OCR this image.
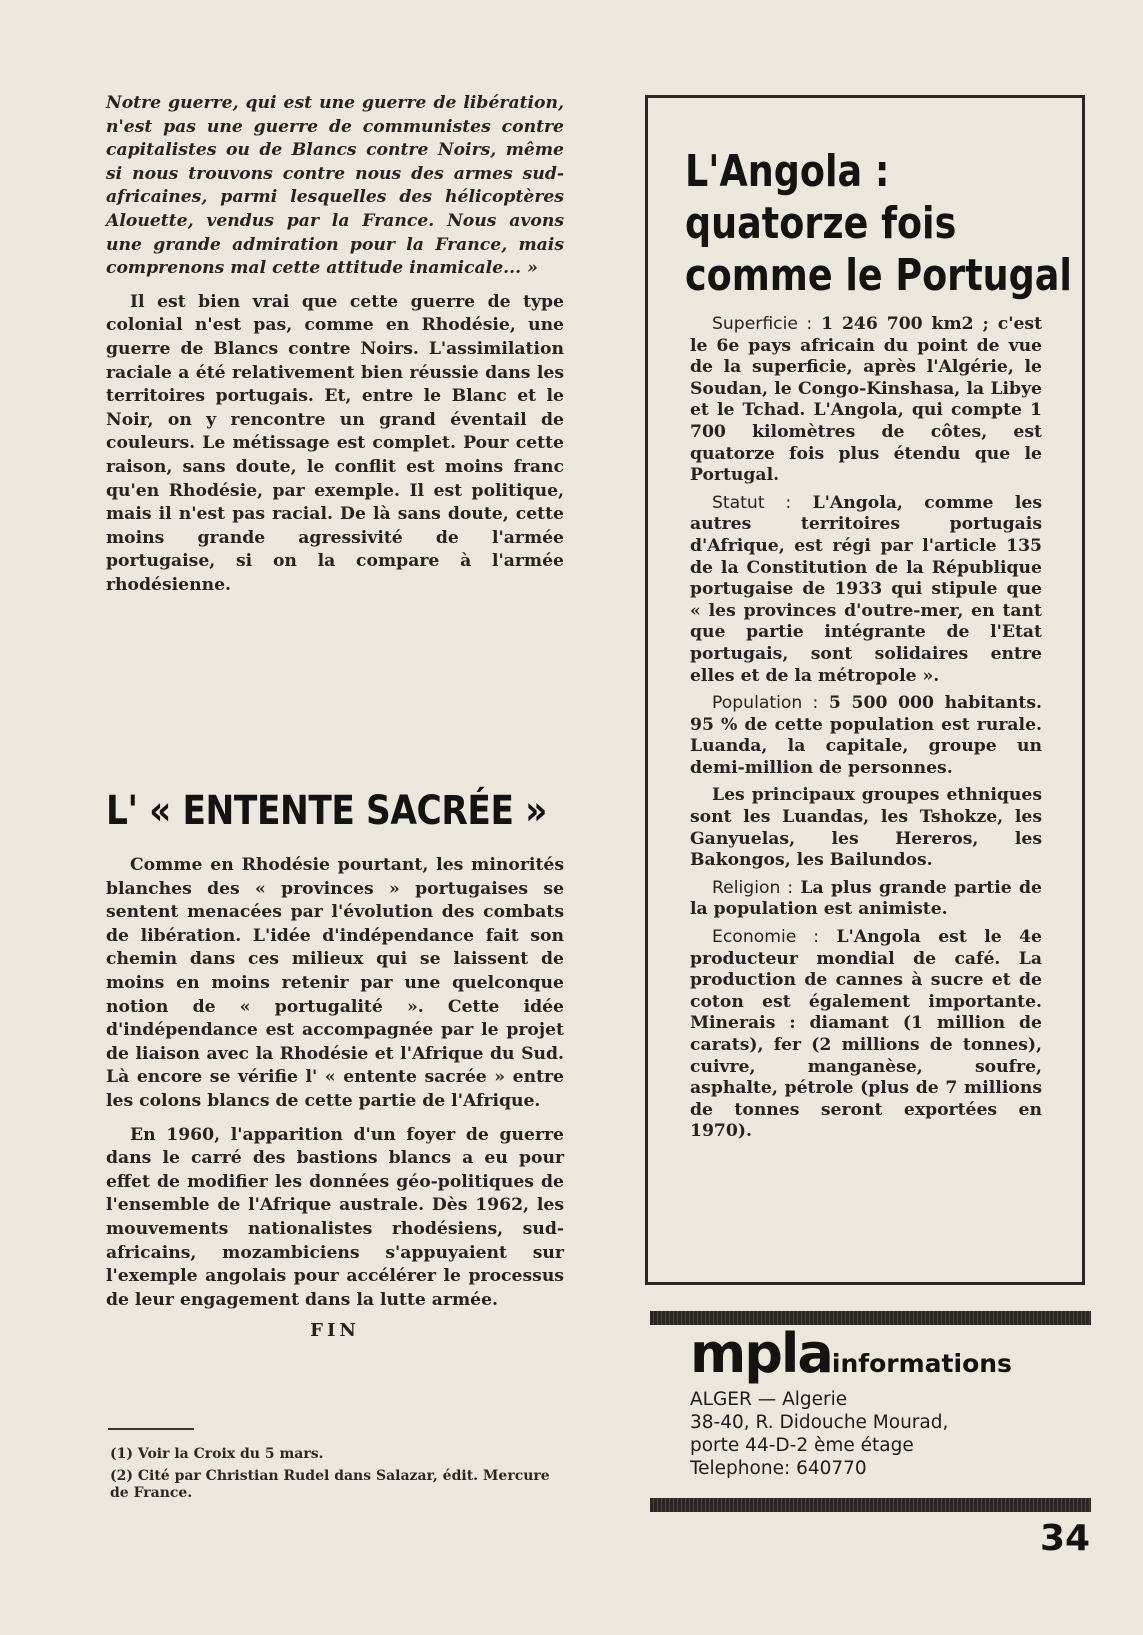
Notre guerre, qui est une guerre de libération, n'est pas une guerre de communistes contre capitalistes ou de Blancs contre Noirs, même si nous trouvons contre nous des armes sud-africaines, parmi lesquelles des hélicoptères Alouette, vendus par la France. Nous avons une grande admiration pour la France, mais comprenons mal cette attitude inamicale... »

Il est bien vrai que cette guerre de type colonial n'est pas, comme en Rhodésie, une guerre de Blancs contre Noirs. L'assimilation raciale a été relativement bien réussie dans les territoires portugais. Et, entre le Blanc et le Noir, on y rencontre un grand éventail de couleurs. Le métissage est complet. Pour cette raison, sans doute, le conflit est moins franc qu'en Rhodésie, par exemple. Il est politique, mais il n'est pas racial. De là sans doute, cette moins grande agressivité de l'armée portugaise, si on la compare à l'armée rhodésienne.

L' « ENTENTE SACRÉE »

Comme en Rhodésie pourtant, les minorités blanches des « provinces » portugaises se sentent menacées par l'évolution des combats de libération. L'idée d'indépendance fait son chemin dans ces milieux qui se laissent de moins en moins retenir par une quelconque notion de « portugalité ». Cette idée d'indépendance est accompagnée par le projet de liaison avec la Rhodésie et l'Afrique du Sud. Là encore se vérifie l' « entente sacrée » entre les colons blancs de cette partie de l'Afrique.

En 1960, l'apparition d'un foyer de guerre dans le carré des bastions blancs a eu pour effet de modifier les données géo-politiques de l'ensemble de l'Afrique australe. Dès 1962, les mouvements nationalistes rhodésiens, sud-africains, mozambiciens s'appuyaient sur l'exemple angolais pour accélérer le processus de leur engagement dans la lutte armée.

FIN

(1) Voir la Croix du 5 mars.

(2) Cité par Christian Rudel dans Salazar, édit. Mercure de France.

L'Angola :
quatorze fois
comme le Portugal

Superficie : 1 246 700 km2 ; c'est le 6e pays africain du point de vue de la superficie, après l'Algérie, le Soudan, le Congo-Kinshasa, la Libye et le Tchad. L'Angola, qui compte 1 700 kilomètres de côtes, est quatorze fois plus étendu que le Portugal.

Statut : L'Angola, comme les autres territoires portugais d'Afrique, est régi par l'article 135 de la Constitution de la République portugaise de 1933 qui stipule que « les provinces d'outre-mer, en tant que partie intégrante de l'Etat portugais, sont solidaires entre elles et de la métropole ».

Population : 5 500 000 habitants. 95 % de cette population est rurale. Luanda, la capitale, groupe un demi-million de personnes.

Les principaux groupes ethniques sont les Luandas, les Tshokze, les Ganyuelas, les Hereros, les Bakongos, les Bailundos.

Religion : La plus grande partie de la population est animiste.

Economie : L'Angola est le 4e producteur mondial de café. La production de cannes à sucre et de coton est également importante. Minerais : diamant (1 million de carats), fer (2 millions de tonnes), cuivre, manganèse, soufre, asphalte, pétrole (plus de 7 millions de tonnes seront exportées en 1970).

mplainformations
ALGER — Algerie
38-40, R. Didouche Mourad,
porte 44-D-2 ème étage
Telephone: 640770
34
